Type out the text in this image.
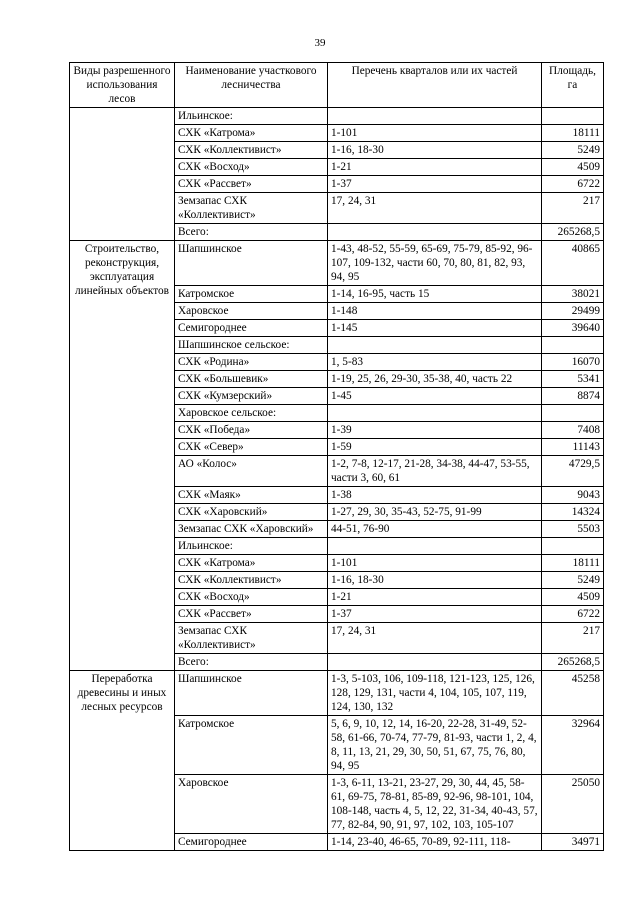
39
Виды разрешенного использования лесов	Наименование участкового лесничества	Перечень кварталов или их частей	Площадь, га
	Ильинское:		
	СХК «Катрома»	1-101	18111
	СХК «Коллективист»	1-16, 18-30	5249
	СХК «Восход»	1-21	4509
	СХК «Рассвет»	1-37	6722
	Земзапас СХК «Коллективист»	17, 24, 31	217
	Всего:		265268,5
Строительство, реконструкция, эксплуатация линейных объектов	Шапшинское	1-43, 48-52, 55-59, 65-69, 75-79, 85-92, 96-107, 109-132, части 60, 70, 80, 81, 82, 93, 94, 95	40865
	Катромское	1-14, 16-95, часть 15	38021
	Харовское	1-148	29499
	Семигороднее	1-145	39640
	Шапшинское сельское:		
	СХК «Родина»	1, 5-83	16070
	СХК «Большевик»	1-19, 25, 26, 29-30, 35-38, 40, часть 22	5341
	СХК «Кумзерский»	1-45	8874
	Харовское сельское:		
	СХК «Победа»	1-39	7408
	СХК «Север»	1-59	11143
	АО «Колос»	1-2, 7-8, 12-17, 21-28, 34-38, 44-47, 53-55, части 3, 60, 61	4729,5
	СХК «Маяк»	1-38	9043
	СХК «Харовский»	1-27, 29, 30, 35-43, 52-75, 91-99	14324
	Земзапас СХК «Харовский»	44-51, 76-90	5503
	Ильинское:		
	СХК «Катрома»	1-101	18111
	СХК «Коллективист»	1-16, 18-30	5249
	СХК «Восход»	1-21	4509
	СХК «Рассвет»	1-37	6722
	Земзапас СХК «Коллективист»	17, 24, 31	217
	Всего:		265268,5
Переработка древесины и иных лесных ресурсов	Шапшинское	1-3, 5-103, 106, 109-118, 121-123, 125, 126, 128, 129, 131, части 4, 104, 105, 107, 119, 124, 130, 132	45258
	Катромское	5, 6, 9, 10, 12, 14, 16-20, 22-28, 31-49, 52-58, 61-66, 70-74, 77-79, 81-93, части 1, 2, 4, 8, 11, 13, 21, 29, 30, 50, 51, 67, 75, 76, 80, 94, 95	32964
	Харовское	1-3, 6-11, 13-21, 23-27, 29, 30, 44, 45, 58-61, 69-75, 78-81, 85-89, 92-96, 98-101, 104, 108-148, часть 4, 5, 12, 22, 31-34, 40-43, 57, 77, 82-84, 90, 91, 97, 102, 103, 105-107	25050
	Семигороднее	1-14, 23-40, 46-65, 70-89, 92-111, 118-	34971
